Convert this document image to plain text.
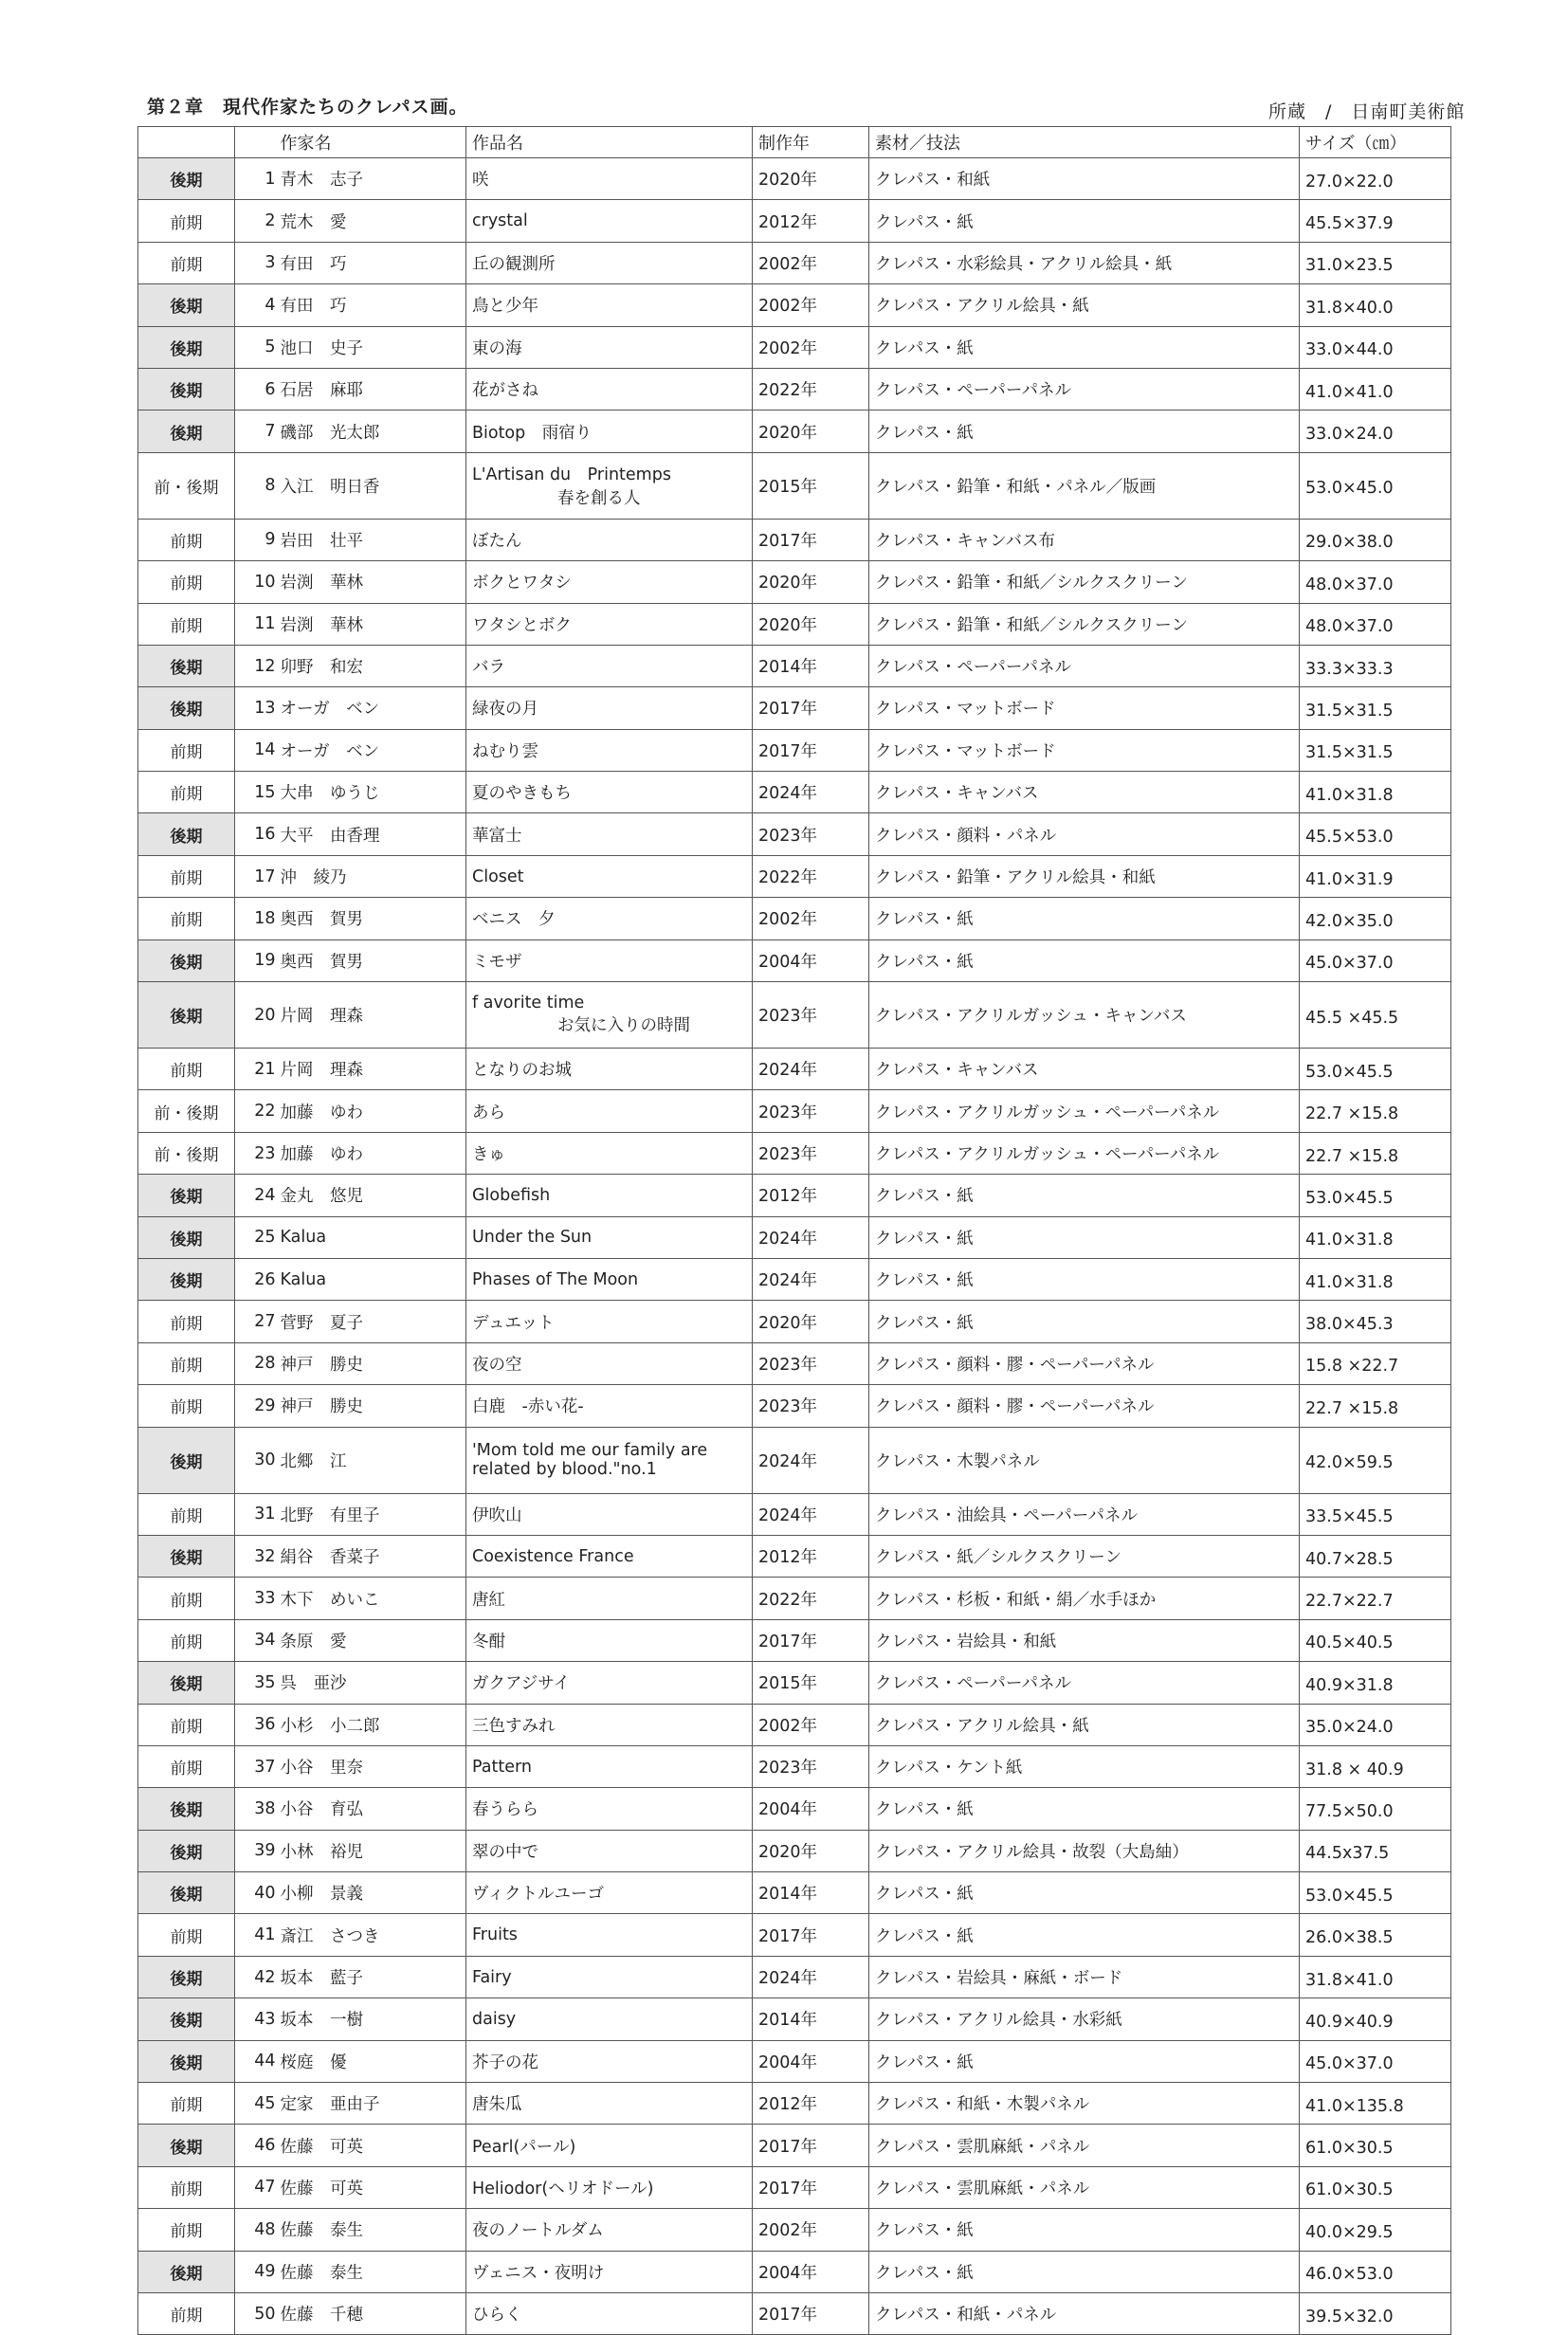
第２章　現代作家たちのクレパス画。	所蔵 / 日南町美術館
		作家名	作品名	制作年	素材／技法	サイズ（㎝）
後期	1	青木　志子	咲	2020年	クレパス・和紙	27.0×22.0
前期	2	荒木　愛	crystal	2012年	クレパス・紙	45.5×37.9
前期	3	有田　巧	丘の観測所	2002年	クレパス・水彩絵具・アクリル絵具・紙	31.0×23.5
後期	4	有田　巧	鳥と少年	2002年	クレパス・アクリル絵具・紙	31.8×40.0
後期	5	池口　史子	東の海	2002年	クレパス・紙	33.0×44.0
後期	6	石居　麻耶	花がさね	2022年	クレパス・ペーパーパネル	41.0×41.0
後期	7	磯部　光太郎	Biotop　雨宿り	2020年	クレパス・紙	33.0×24.0
前・後期	8	入江　明日香	L'Artisan du　Printemps
春を創る人	2015年	クレパス・鉛筆・和紙・パネル／版画	53.0×45.0
前期	9	岩田　壮平	ぼたん	2017年	クレパス・キャンバス布	29.0×38.0
前期	10	岩渕　華林	ボクとワタシ	2020年	クレパス・鉛筆・和紙／シルクスクリーン	48.0×37.0
前期	11	岩渕　華林	ワタシとボク	2020年	クレパス・鉛筆・和紙／シルクスクリーン	48.0×37.0
後期	12	卯野　和宏	バラ	2014年	クレパス・ペーパーパネル	33.3×33.3
後期	13	オーガ　ベン	緑夜の月	2017年	クレパス・マットボード	31.5×31.5
前期	14	オーガ　ベン	ねむり雲	2017年	クレパス・マットボード	31.5×31.5
前期	15	大串　ゆうじ	夏のやきもち	2024年	クレパス・キャンバス	41.0×31.8
後期	16	大平　由香理	華富士	2023年	クレパス・顔料・パネル	45.5×53.0
前期	17	沖　綾乃	Closet	2022年	クレパス・鉛筆・アクリル絵具・和紙	41.0×31.9
前期	18	奥西　賀男	ベニス　夕	2002年	クレパス・紙	42.0×35.0
後期	19	奥西　賀男	ミモザ	2004年	クレパス・紙	45.0×37.0
後期	20	片岡　理森	f avorite time
お気に入りの時間	2023年	クレパス・アクリルガッシュ・キャンバス	45.5 ×45.5
前期	21	片岡　理森	となりのお城	2024年	クレパス・キャンバス	53.0×45.5
前・後期	22	加藤　ゆわ	あら	2023年	クレパス・アクリルガッシュ・ペーパーパネル	22.7 ×15.8
前・後期	23	加藤　ゆわ	きゅ	2023年	クレパス・アクリルガッシュ・ペーパーパネル	22.7 ×15.8
後期	24	金丸　悠児	Globefish	2012年	クレパス・紙	53.0×45.5
後期	25	Kalua	Under the Sun	2024年	クレパス・紙	41.0×31.8
後期	26	Kalua	Phases of The Moon	2024年	クレパス・紙	41.0×31.8
前期	27	菅野　夏子	デュエット	2020年	クレパス・紙	38.0×45.3
前期	28	神戸　勝史	夜の空	2023年	クレパス・顔料・膠・ペーパーパネル	15.8 ×22.7
前期	29	神戸　勝史	白鹿　-赤い花-	2023年	クレパス・顔料・膠・ペーパーパネル	22.7 ×15.8
後期	30	北郷　江	'Mom told me our family are
related by blood."no.1	2024年	クレパス・木製パネル	42.0×59.5
前期	31	北野　有里子	伊吹山	2024年	クレパス・油絵具・ペーパーパネル	33.5×45.5
後期	32	絹谷　香菜子	Coexistence France	2012年	クレパス・紙／シルクスクリーン	40.7×28.5
前期	33	木下　めいこ	唐紅	2022年	クレパス・杉板・和紙・絹／水手ほか	22.7×22.7
前期	34	条原　愛	冬酣	2017年	クレパス・岩絵具・和紙	40.5×40.5
後期	35	呉　亜沙	ガクアジサイ	2015年	クレパス・ペーパーパネル	40.9×31.8
前期	36	小杉　小二郎	三色すみれ	2002年	クレパス・アクリル絵具・紙	35.0×24.0
前期	37	小谷　里奈	Pattern	2023年	クレパス・ケント紙	31.8 × 40.9
後期	38	小谷　育弘	春うらら	2004年	クレパス・紙	77.5×50.0
後期	39	小林　裕児	翠の中で	2020年	クレパス・アクリル絵具・故裂（大島紬）	44.5x37.5
後期	40	小柳　景義	ヴィクトルユーゴ	2014年	クレパス・紙	53.0×45.5
前期	41	斎江　さつき	Fruits	2017年	クレパス・紙	26.0×38.5
後期	42	坂本　藍子	Fairy	2024年	クレパス・岩絵具・麻紙・ボード	31.8×41.0
後期	43	坂本　一樹	daisy	2014年	クレパス・アクリル絵具・水彩紙	40.9×40.9
後期	44	桜庭　優	芥子の花	2004年	クレパス・紙	45.0×37.0
前期	45	定家　亜由子	唐朱瓜	2012年	クレパス・和紙・木製パネル	41.0×135.8
後期	46	佐藤　可英	Pearl(パール)	2017年	クレパス・雲肌麻紙・パネル	61.0×30.5
前期	47	佐藤　可英	Heliodor(ヘリオドール)	2017年	クレパス・雲肌麻紙・パネル	61.0×30.5
前期	48	佐藤　泰生	夜のノートルダム	2002年	クレパス・紙	40.0×29.5
後期	49	佐藤　泰生	ヴェニス・夜明け	2004年	クレパス・紙	46.0×53.0
前期	50	佐藤　千穂	ひらく	2017年	クレパス・和紙・パネル	39.5×32.0
